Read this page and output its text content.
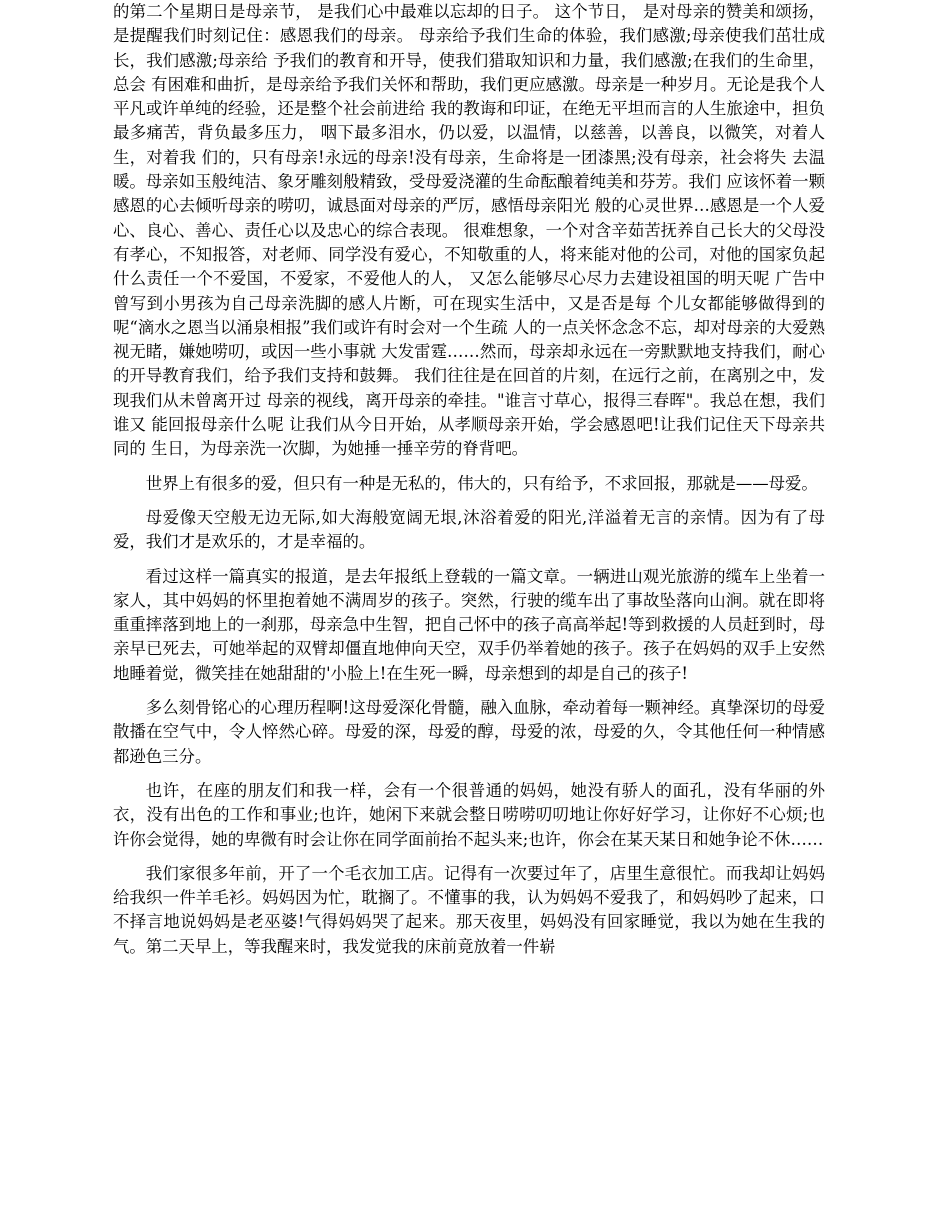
的第二个星期日是母亲节， 是我们心中最难以忘却的日子。 这个节日， 是对母亲的赞美和颂扬，是提醒我们时刻记住：感恩我们的母亲。 母亲给予我们生命的体验，我们感激;母亲使我们茁壮成长，我们感激;母亲给 予我们的教育和开导，使我们猎取知识和力量，我们感激;在我们的生命里，总会 有困难和曲折，是母亲给予我们关怀和帮助，我们更应感激。母亲是一种岁月。无论是我个人 平凡或许单纯的经验，还是整个社会前进给 我的教诲和印证，在绝无平坦而言的人生旅途中，担负最多痛苦，背负最多压力， 咽下最多泪水，仍以爱，以温情，以慈善，以善良，以微笑，对着人生，对着我 们的，只有母亲!永远的母亲!没有母亲，生命将是一团漆黑;没有母亲，社会将失 去温暖。母亲如玉般纯洁、象牙雕刻般精致，受母爱浇灌的生命酝酿着纯美和芬芳。我们 应该怀着一颗感恩的心去倾听母亲的唠叨，诚恳面对母亲的严厉，感悟母亲阳光 般的心灵世界…感恩是一个人爱心、良心、善心、责任心以及忠心的综合表现。 很难想象，一个对含辛茹苦抚养自己长大的父母没有孝心，不知报答，对老师、同学没有爱心，不知敬重的人，将来能对他的公司，对他的国家负起什么责任一个不爱国，不爱家，不爱他人的人， 又怎么能够尽心尽力去建设祖国的明天呢 广告中曾写到小男孩为自己母亲洗脚的感人片断，可在现实生活中，又是否是每 个儿女都能够做得到的呢“滴水之恩当以涌泉相报”我们或许有时会对一个生疏 人的一点关怀念念不忘，却对母亲的大爱熟视无睹，嫌她唠叨，或因一些小事就 大发雷霆……然而，母亲却永远在一旁默默地支持我们，耐心的开导教育我们，给予我们支持和鼓舞。 我们往往是在回首的片刻，在远行之前，在离别之中，发现我们从未曾离开过 母亲的视线，离开母亲的牵挂。"谁言寸草心，报得三春晖"。我总在想，我们谁又 能回报母亲什么呢 让我们从今日开始，从孝顺母亲开始，学会感恩吧!让我们记住天下母亲共同的 生日，为母亲洗一次脚，为她捶一捶辛劳的脊背吧。

世界上有很多的爱，但只有一种是无私的，伟大的，只有给予，不求回报，那就是——母爱。

母爱像天空般无边无际,如大海般宽阔无垠,沐浴着爱的阳光,洋溢着无言的亲情。因为有了母爱，我们才是欢乐的，才是幸福的。

看过这样一篇真实的报道，是去年报纸上登载的一篇文章。一辆进山观光旅游的缆车上坐着一家人，其中妈妈的怀里抱着她不满周岁的孩子。突然，行驶的缆车出了事故坠落向山涧。就在即将重重摔落到地上的一刹那，母亲急中生智，把自己怀中的孩子高高举起!等到救援的人员赶到时，母亲早已死去，可她举起的双臂却僵直地伸向天空，双手仍举着她的孩子。孩子在妈妈的双手上安然地睡着觉，微笑挂在她甜甜的'小脸上!在生死一瞬，母亲想到的却是自己的孩子!

多么刻骨铭心的心理历程啊!这母爱深化骨髓，融入血脉，牵动着每一颗神经。真挚深切的母爱散播在空气中，令人悴然心碎。母爱的深，母爱的醇，母爱的浓，母爱的久，令其他任何一种情感都逊色三分。

也许，在座的朋友们和我一样，会有一个很普通的妈妈，她没有骄人的面孔，没有华丽的外衣，没有出色的工作和事业;也许，她闲下来就会整日唠唠叨叨地让你好好学习，让你好不心烦;也许你会觉得，她的卑微有时会让你在同学面前抬不起头来;也许，你会在某天某日和她争论不休……

我们家很多年前，开了一个毛衣加工店。记得有一次要过年了，店里生意很忙。而我却让妈妈给我织一件羊毛衫。妈妈因为忙，耽搁了。不懂事的我，认为妈妈不爱我了，和妈妈吵了起来，口不择言地说妈妈是老巫婆!气得妈妈哭了起来。那天夜里，妈妈没有回家睡觉，我以为她在生我的气。第二天早上，等我醒来时，我发觉我的床前竟放着一件崭
